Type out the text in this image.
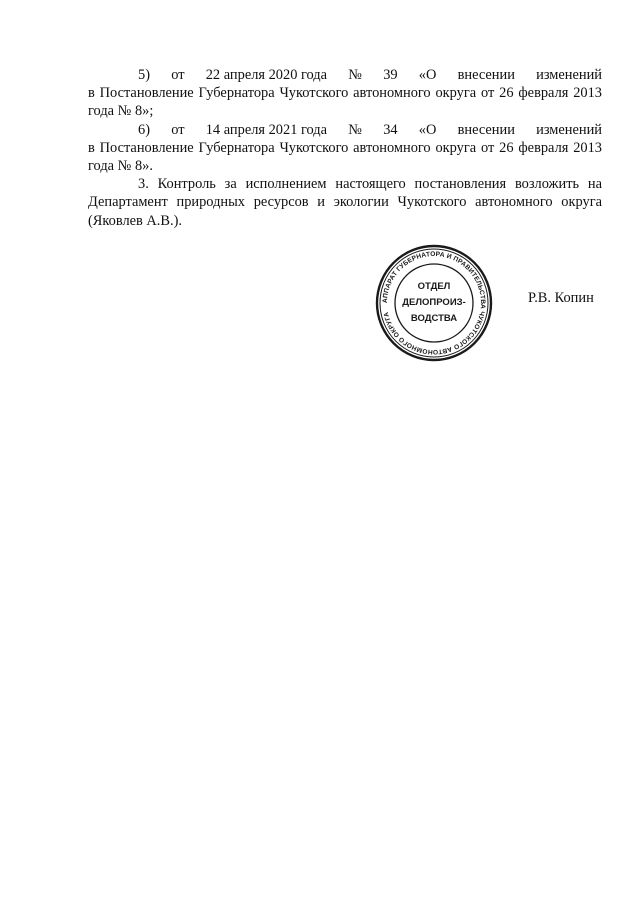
5) от 22 апреля 2020 года № 39 «О внесении изменений
в Постановление Губернатора Чукотского автономного округа от 26 февраля 2013 года № 8»;
6) от 14 апреля 2021 года № 34 «О внесении изменений
в Постановление Губернатора Чукотского автономного округа от 26 февраля 2013 года № 8».

3. Контроль за исполнением настоящего постановления возложить на Департамент природных ресурсов и экологии Чукотского автономного округа (Яковлев А.В.).

АППАРАТ ГУБЕРНАТОРА И ПРАВИТЕЛЬСТВА ЧУКОТСКОГО АВТОНОМНОГО ОКРУГА
ОТДЕЛ
ДЕЛОПРОИЗ-
ВОДСТВА
Р.В. Копин
